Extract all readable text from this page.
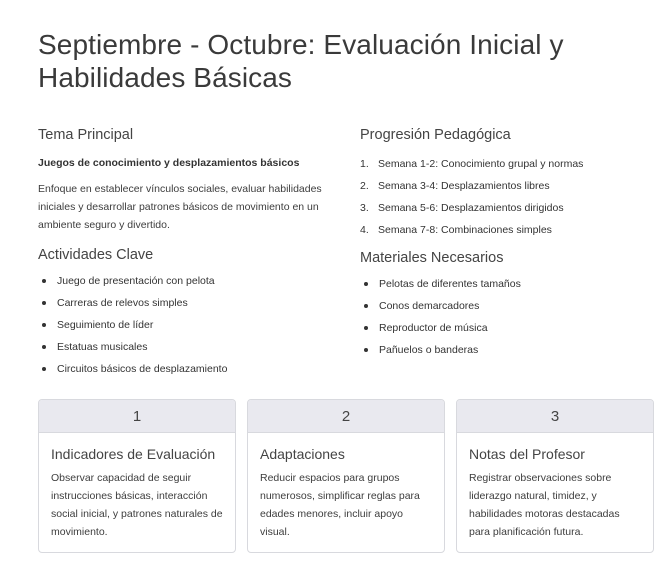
Septiembre - Octubre: Evaluación Inicial y Habilidades Básicas
Tema Principal
Juegos de conocimiento y desplazamientos básicos

Enfoque en establecer vínculos sociales, evaluar habilidades iniciales y desarrollar patrones básicos de movimiento en un ambiente seguro y divertido.

Actividades Clave
Juego de presentación con pelota
Carreras de relevos simples
Seguimiento de líder
Estatuas musicales
Circuitos básicos de desplazamiento
Progresión Pedagógica
1. Semana 1-2: Conocimiento grupal y normas
2. Semana 3-4: Desplazamientos libres
3. Semana 5-6: Desplazamientos dirigidos
4. Semana 7-8: Combinaciones simples
Materiales Necesarios
Pelotas de diferentes tamaños
Conos demarcadores
Reproductor de música
Pañuelos o banderas
1
Indicadores de Evaluación
Observar capacidad de seguir instrucciones básicas, interacción social inicial, y patrones naturales de movimiento.
2
Adaptaciones
Reducir espacios para grupos numerosos, simplificar reglas para edades menores, incluir apoyo visual.
3
Notas del Profesor
Registrar observaciones sobre liderazgo natural, timidez, y habilidades motoras destacadas para planificación futura.
